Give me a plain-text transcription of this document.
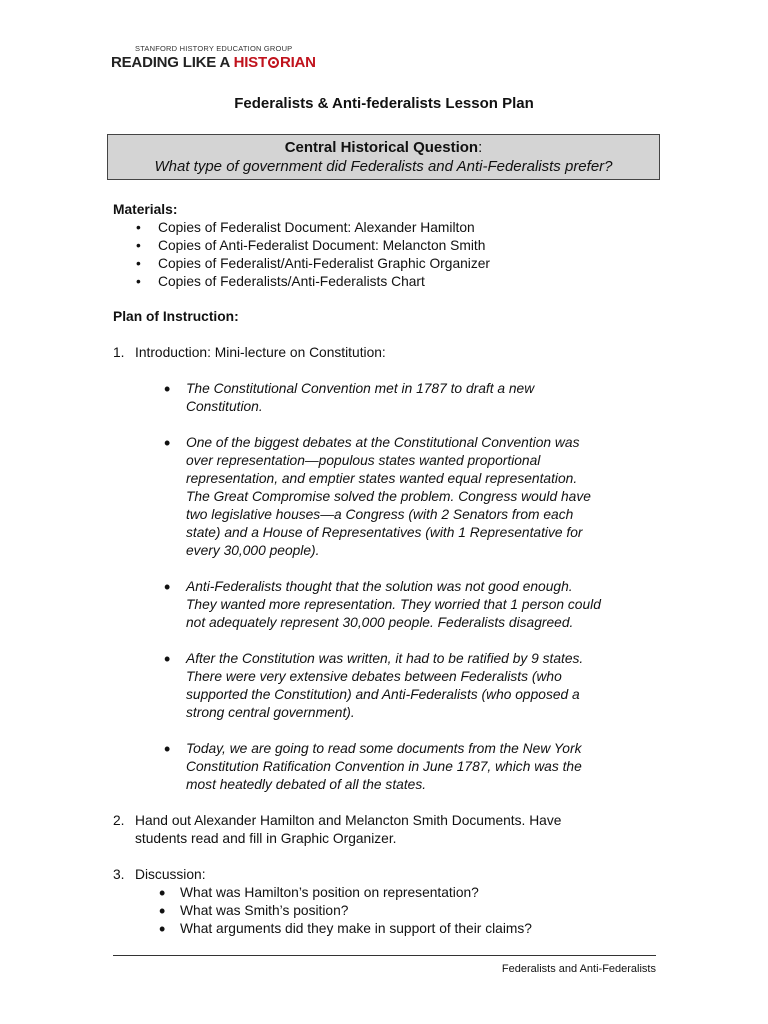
STANFORD HISTORY EDUCATION GROUP
READING LIKE A HIST RIAN
Federalists & Anti-federalists Lesson Plan
Central Historical Question:
What type of government did Federalists and Anti-Federalists prefer?
Materials:
• Copies of Federalist Document: Alexander Hamilton
• Copies of Anti-Federalist Document: Melancton Smith
• Copies of Federalist/Anti-Federalist Graphic Organizer
• Copies of Federalists/Anti-Federalists Chart
Plan of Instruction:
1. Introduction: Mini-lecture on Constitution:
• The Constitutional Convention met in 1787 to draft a new Constitution.
• One of the biggest debates at the Constitutional Convention was over representation—populous states wanted proportional representation, and emptier states wanted equal representation. The Great Compromise solved the problem. Congress would have two legislative houses—a Congress (with 2 Senators from each state) and a House of Representatives (with 1 Representative for every 30,000 people).
• Anti-Federalists thought that the solution was not good enough. They wanted more representation. They worried that 1 person could not adequately represent 30,000 people. Federalists disagreed.
• After the Constitution was written, it had to be ratified by 9 states. There were very extensive debates between Federalists (who supported the Constitution) and Anti-Federalists (who opposed a strong central government).
• Today, we are going to read some documents from the New York Constitution Ratification Convention in June 1787, which was the most heatedly debated of all the states.
2. Hand out Alexander Hamilton and Melancton Smith Documents. Have students read and fill in Graphic Organizer.
3. Discussion:
• What was Hamilton’s position on representation?
• What was Smith’s position?
• What arguments did they make in support of their claims?
Federalists and Anti-Federalists
